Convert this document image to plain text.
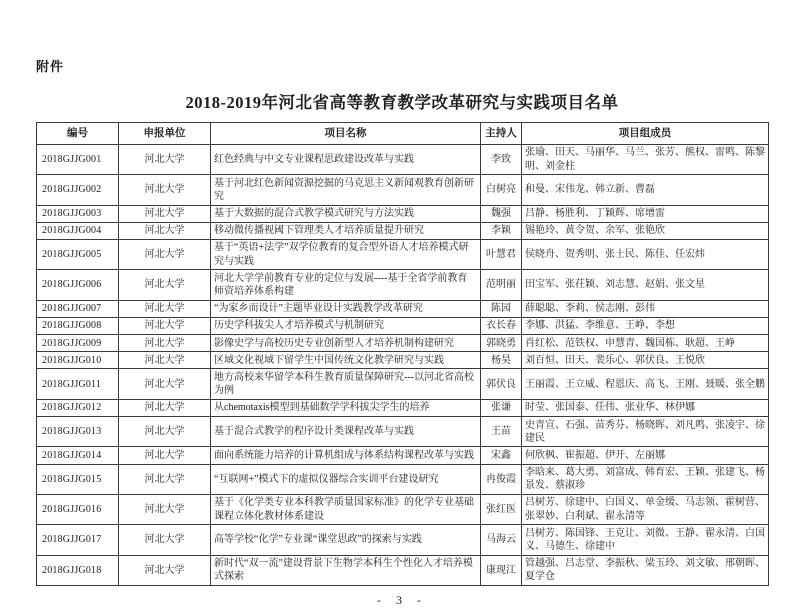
附件
2018-2019年河北省高等教育教学改革研究与实践项目名单
编号	申报单位	项目名称	主持人	项目组成员
2018GJJG001	河北大学	红色经典与中文专业课程思政建设改革与实践	李致	张瑜、田天、马丽华、马兰、张芳、熊权、雷鸣、陈黎明、刘金柱
2018GJJG002	河北大学	基于河北红色新闻资源挖掘的马克思主义新闻观教育创新研究	白树亮	和曼、宋伟龙、韩立新、曹磊
2018GJJG003	河北大学	基于大数据的混合式教学模式研究与方法实践	魏强	吕静、杨胜利、丁颖辉、席增雷
2018GJJG004	河北大学	移动微传播视阈下管理类人才培养质量提升研究	李颖	锡艳玲、黄令贺、余军、张艳欣
2018GJJG005	河北大学	基于“英语+法学”双学位教育的复合型外语人才培养模式研究与实践	叶慧君	侯晓舟、贺秀明、张士民、陈佳、任宏炜
2018GJJG006	河北大学	河北大学学前教育专业的定位与发展----基于全省学前教育师资培养体系构建	范明丽	田宝军、张茌颖、刘志慧、赵娟、张文星
2018GJJG007	河北大学	“为家乡而设计”主题毕业设计实践教学改革研究	陈园	薛聪聪、李莉、侯志刚、彭伟
2018GJJG008	河北大学	历史学科拔尖人才培养模式与机制研究	衣长春	李娜、洪猛、李维意、王峥、李想
2018GJJG009	河北大学	影像史学与高校历史专业创新型人才培养机制构建研究	郭晓勇	肖红松、范铁权、申慧青、魏国栋、耿超、王峥
2018GJJG010	河北大学	区域文化视域下留学生中国传统文化教学研究与实践	杨昊	刘百恒、田天、裴乐心、郭伏良、王悦欣
2018GJJG011	河北大学	地方高校来华留学本科生教育质量保障研究---以河北省高校为例	郭伏良	王丽霞、王立威、程恩庆、高飞、王刚、聂暖、张全鹏
2018GJJG012	河北大学	从chemotaxis模型到基础数学学科拔尖学生的培养	张谦	时莹、张国泰、任伟、张业华、林伊娜
2018GJJG013	河北大学	基于混合式教学的程序设计类课程改革与实践	王苗	史青宣、石强、苗秀芬、杨晓晖、刘凡鸣、张凌宇、徐建民
2018GJJG014	河北大学	面向系统能力培养的计算机组成与体系结构课程改革与实践	宋鑫	何欣枫、崔振超、伊开、左丽娜
2018GJJG015	河北大学	“互联网+”模式下的虚拟仪器综合实训平台建设研究	冉俊霞	李晗来、葛大勇、刘富成、韩育宏、王颖、张建飞、杨景发、蔡淑珍
2018GJJG016	河北大学	基于《化学类专业本科教学质量国家标准》的化学专业基础课程立体化教材体系建设	张红医	吕树芳、徐建中、白国义、单金缓、马志领、霍树营、张翠妙、白利斌、翟永清等
2018GJJG017	河北大学	高等学校“化学”专业课“课堂思政”的探索与实践	马海云	吕树芳、陈国锋、王克让、刘微、王静、翟永清、白国义、马德生、徐建中
2018GJJG018	河北大学	新时代“双一流”建设背景下生物学本科生个性化人才培养模式探索	康现江	管越强、吕志堂、李振秋、梁玉玲、刘文敏、邢朝晖、夏学仓
- 3 -
